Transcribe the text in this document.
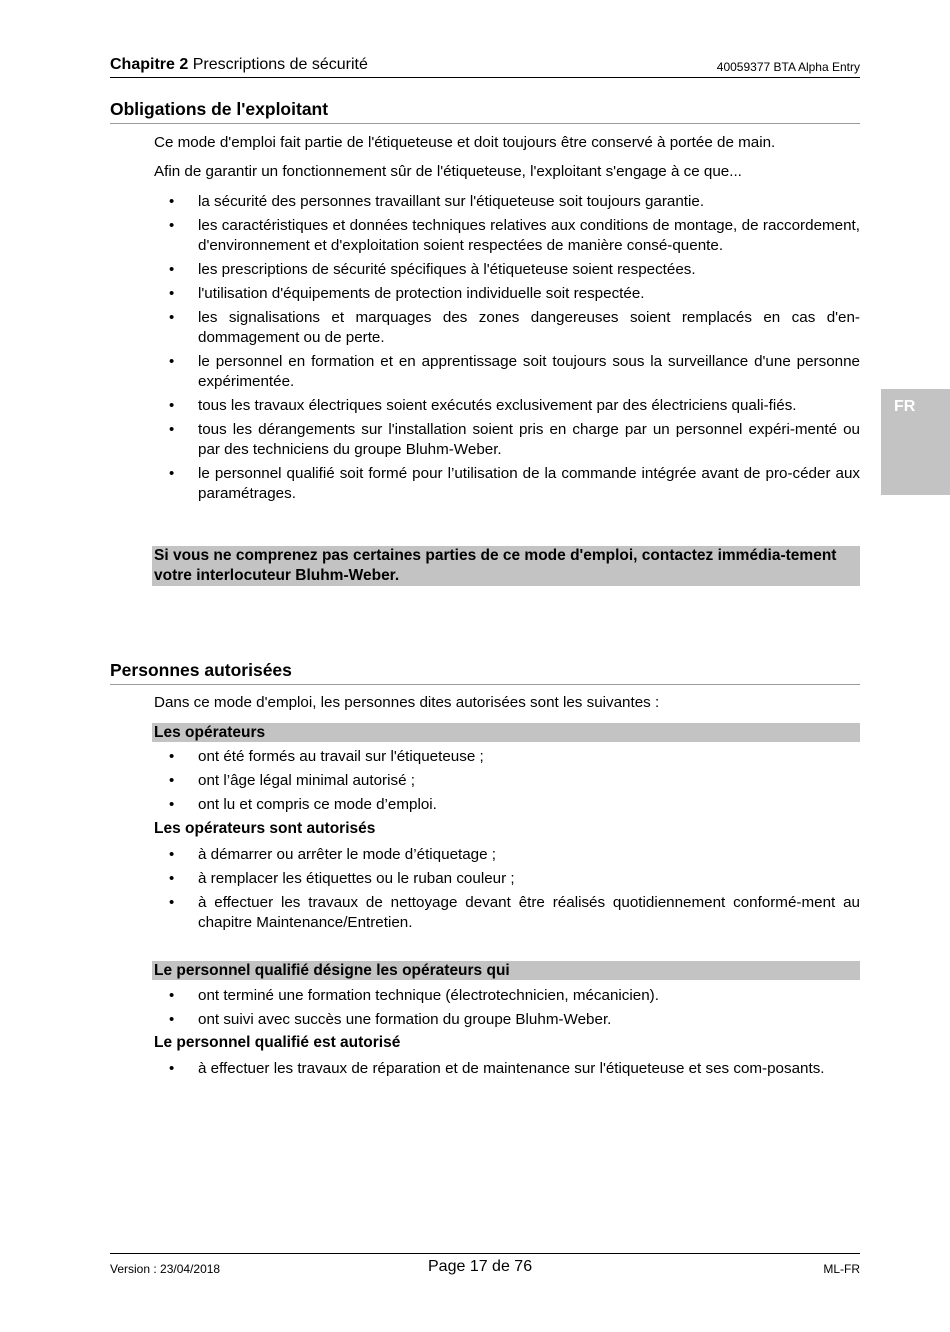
Chapitre 2 Prescriptions de sécurité	40059377 BTA Alpha Entry
FR
Obligations de l'exploitant
Ce mode d'emploi fait partie de l'étiqueteuse et doit toujours être conservé à portée de main.
Afin de garantir un fonctionnement sûr de l'étiqueteuse, l'exploitant s'engage à ce que...
• la sécurité des personnes travaillant sur l'étiqueteuse soit toujours garantie.
• les caractéristiques et données techniques relatives aux conditions de montage, de raccordement, d'environnement et d'exploitation soient respectées de manière consé-quente.
• les prescriptions de sécurité spécifiques à l'étiqueteuse soient respectées.
• l'utilisation d'équipements de protection individuelle soit respectée.
• les signalisations et marquages des zones dangereuses soient remplacés en cas d'en-dommagement ou de perte.
• le personnel en formation et en apprentissage soit toujours sous la surveillance d'une personne expérimentée.
• tous les travaux électriques soient exécutés exclusivement par des électriciens quali-fiés.
• tous les dérangements sur l'installation soient pris en charge par un personnel expéri-menté ou par des techniciens du groupe Bluhm-Weber.
• le personnel qualifié soit formé pour l’utilisation de la commande intégrée avant de pro-céder aux paramétrages.
Si vous ne comprenez pas certaines parties de ce mode d'emploi, contactez immédia-tement votre interlocuteur Bluhm-Weber.
Personnes autorisées
Dans ce mode d'emploi, les personnes dites autorisées sont les suivantes :
Les opérateurs
• ont été formés au travail sur l'étiqueteuse ;
• ont l’âge légal minimal autorisé ;
• ont lu et compris ce mode d’emploi.
Les opérateurs sont autorisés
• à démarrer ou arrêter le mode d’étiquetage ;
• à remplacer les étiquettes ou le ruban couleur ;
• à effectuer les travaux de nettoyage devant être réalisés quotidiennement conformé-ment au chapitre Maintenance/Entretien.
Le personnel qualifié désigne les opérateurs qui
• ont terminé une formation technique (électrotechnicien, mécanicien).
• ont suivi avec succès une formation du groupe Bluhm-Weber.
Le personnel qualifié est autorisé
• à effectuer les travaux de réparation et de maintenance sur l'étiqueteuse et ses com-posants.
Version : 23/04/2018	Page 17 de 76	ML-FR
